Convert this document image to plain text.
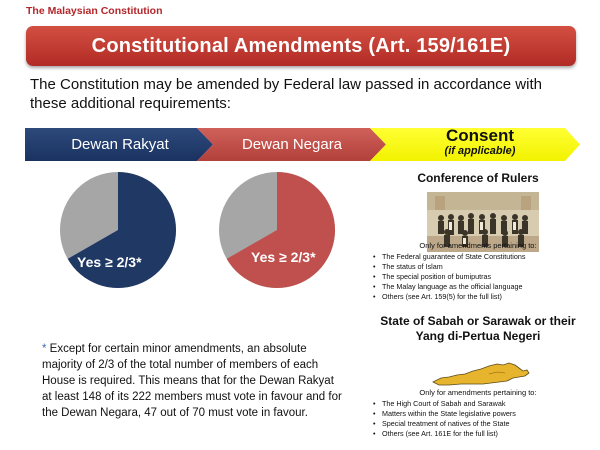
The Malaysian Constitution
Constitutional Amendments (Art. 159/161E)
The Constitution may be amended by Federal law passed in accordance with these additional requirements:
Dewan Rakyat	Dewan Negara	Consent
(if applicable)
Yes ≥ 2/3*	Yes ≥ 2/3*
* Except for certain minor amendments, an absolute majority of 2/3 of the total number of members of each House is required. This means that for the Dewan Rakyat at least 148 of its 222 members must vote in favour and for the Dewan Negara, 47 out of 70 must vote in favour.
Conference of Rulers
Only for amendments pertaining to:
• The Federal guarantee of State Constitutions
• The status of Islam
• The special position of bumiputras
• The Malay language as the official language
• Others (see Art. 159(5) for the full list)
State of Sabah or Sarawak or their Yang di-Pertua Negeri
Only for amendments pertaining to:
• The High Court of Sabah and Sarawak
• Matters within the State legislative powers
• Special treatment of natives of the State
• Others (see Art. 161E for the full list)
